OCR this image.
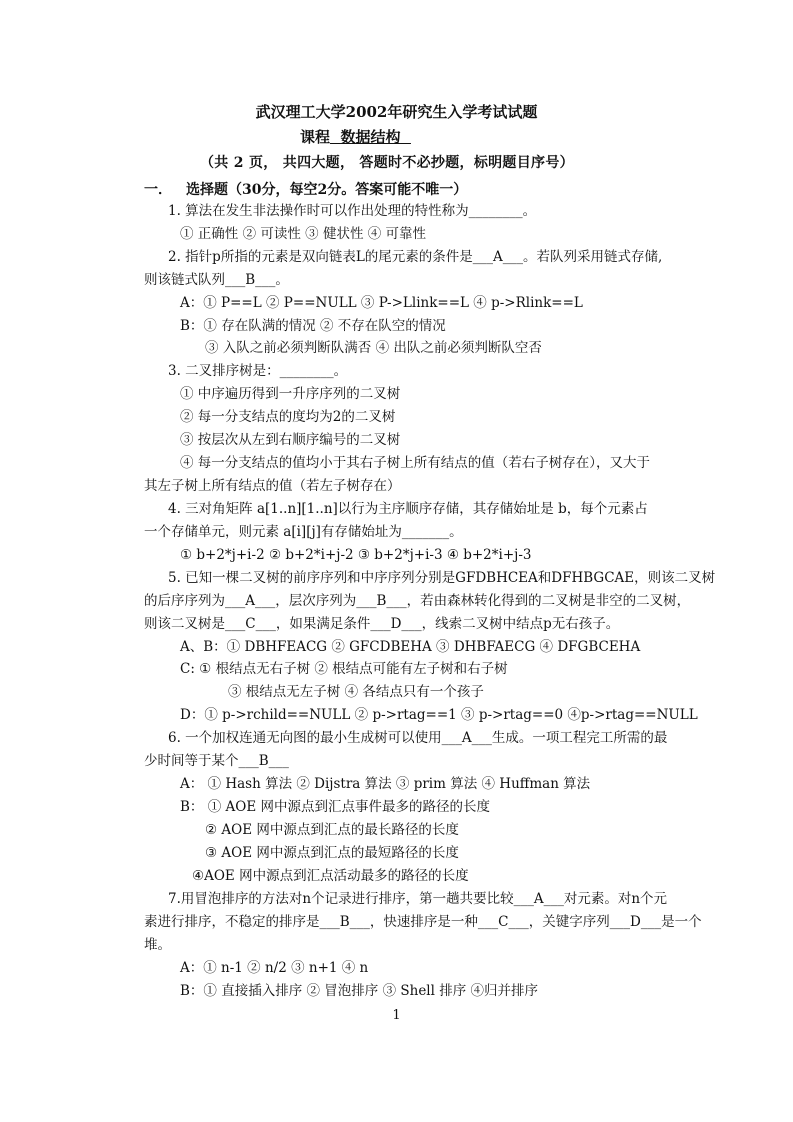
武汉理工大学2002年研究生入学考试试题
课程 数据结构
（共 2 页， 共四大题， 答题时不必抄题，标明题目序号）
一． 选择题（30分，每空2分。答案可能不唯一）
1. 算法在发生非法操作时可以作出处理的特性称为________。
① 正确性 ② 可读性 ③ 健状性 ④ 可靠性
2. 指针p所指的元素是双向链表L的尾元素的条件是___A___。若队列采用链式存储,
则该链式队列___B___。
A：① P==L ② P==NULL ③ P->Llink==L ④ p->Rlink==L
B：① 存在队满的情况 ② 不存在队空的情况
③ 入队之前必须判断队满否 ④ 出队之前必须判断队空否
3. 二叉排序树是：________。
① 中序遍历得到一升序序列的二叉树
② 每一分支结点的度均为2的二叉树
③ 按层次从左到右顺序编号的二叉树
④ 每一分支结点的值均小于其右子树上所有结点的值（若右子树存在），又大于
其左子树上所有结点的值（若左子树存在）
4. 三对角矩阵 a[1..n][1..n]以行为主序顺序存储，其存储始址是 b，每个元素占
一个存储单元，则元素 a[i][j]有存储始址为_______。
① b+2*j+i-2 ② b+2*i+j-2 ③ b+2*j+i-3 ④ b+2*i+j-3
5. 已知一棵二叉树的前序序列和中序序列分别是GFDBHCEA和DFHBGCAE，则该二叉树
的后序序列为___A___，层次序列为___B___，若由森林转化得到的二叉树是非空的二叉树，
则该二叉树是___C___，如果满足条件___D___，线索二叉树中结点p无右孩子。
A、B：① DBHFEACG ② GFCDBEHA ③ DHBFAECG ④ DFGBCEHA
C: ① 根结点无右子树 ② 根结点可能有左子树和右子树
③ 根结点无左子树 ④ 各结点只有一个孩子
D：① p->rchild==NULL ② p->rtag==1 ③ p->rtag==0 ④p->rtag==NULL
6. 一个加权连通无向图的最小生成树可以使用___A___生成。一项工程完工所需的最
少时间等于某个___B___
A： ① Hash 算法 ② Dijstra 算法 ③ prim 算法 ④ Huffman 算法
B： ① AOE 网中源点到汇点事件最多的路径的长度
② AOE 网中源点到汇点的最长路径的长度
③ AOE 网中源点到汇点的最短路径的长度
④AOE 网中源点到汇点活动最多的路径的长度
7.用冒泡排序的方法对n个记录进行排序，第一趟共要比较___A___对元素。对n个元
素进行排序，不稳定的排序是___B___，快速排序是一种___C___，关键字序列___D___是一个
堆。
A：① n-1 ② n/2 ③ n+1 ④ n
B：① 直接插入排序 ② 冒泡排序 ③ Shell 排序 ④归并排序
1
